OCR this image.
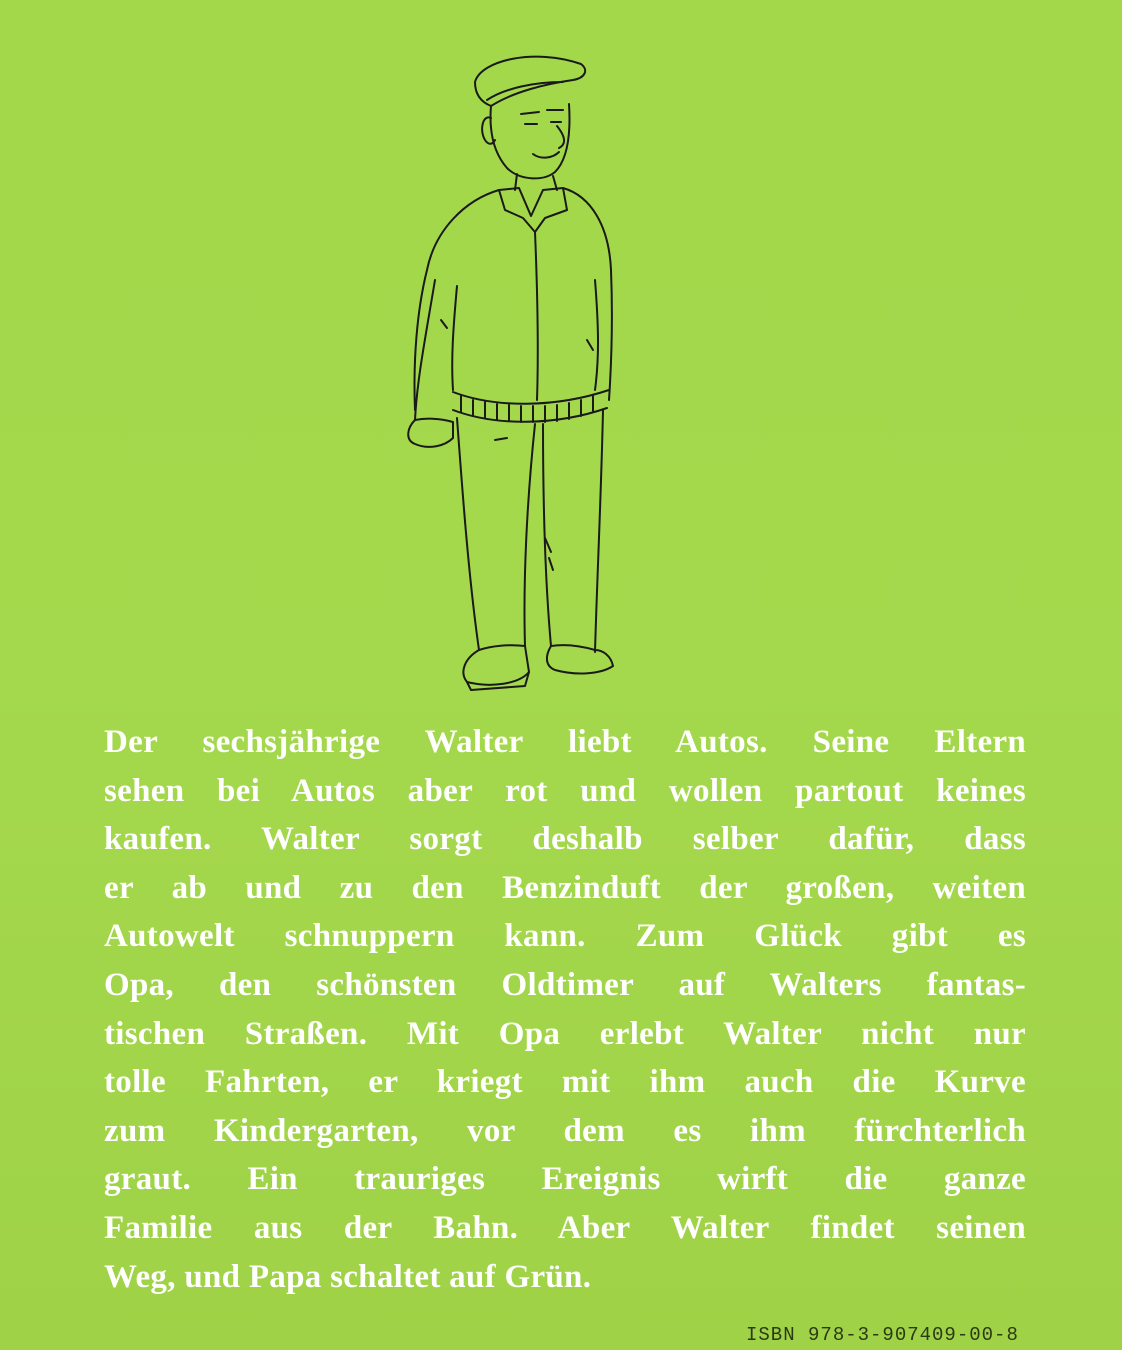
Der sechsjährige Walter liebt Autos. Seine Eltern
sehen bei Autos aber rot und wollen partout keines
kaufen. Walter sorgt deshalb selber dafür, dass
er ab und zu den Benzinduft der großen, weiten
Autowelt schnuppern kann. Zum Glück gibt es
Opa, den schönsten Oldtimer auf Walters fantas-
tischen Straßen. Mit Opa erlebt Walter nicht nur
tolle Fahrten, er kriegt mit ihm auch die Kurve
zum Kindergarten, vor dem es ihm fürchterlich
graut. Ein trauriges Ereignis wirft die ganze
Familie aus der Bahn. Aber Walter findet seinen
Weg, und Papa schaltet auf Grün.

ISBN 978-3-907409-00-8
